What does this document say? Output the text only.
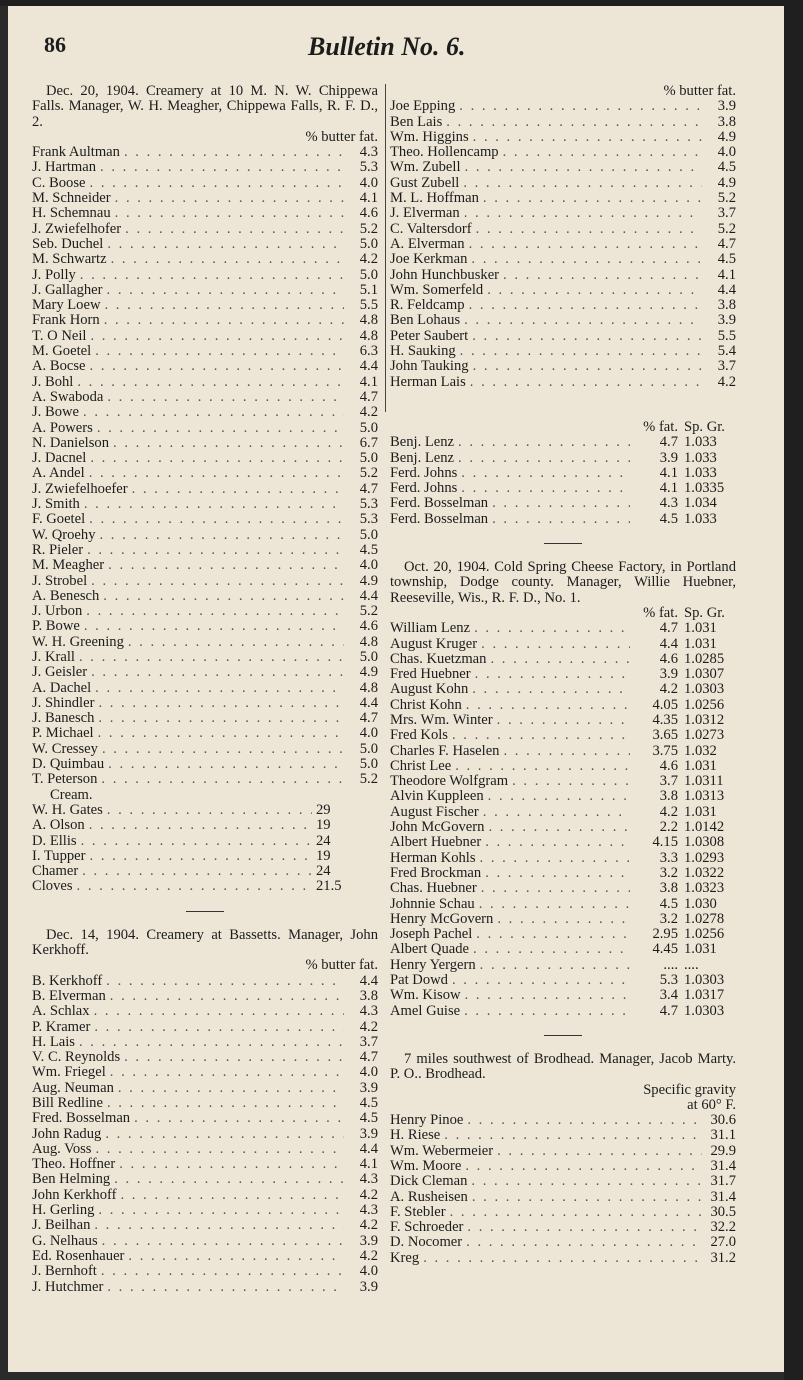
86	Bulletin No. 6.

Dec. 20, 1904. Creamery at 10 M. N. W. Chippewa Falls. Manager, W. H. Meagher, Chippewa Falls, R. F. D., 2.

% butter fat.

Frank Aultman . . .	4.3
J. Hartman . . .	5.3
C. Boose . . .	4.0
M. Schneider . . .	4.1
H. Schemnau . . .	4.6
J. Zwiefelhofer . . .	5.2
Seb. Duchel . . .	5.0
M. Schwartz . . .	4.2
J. Polly . . .	5.0
J. Gallagher . . .	5.1
Mary Loew . . .	5.5
Frank Horn . . .	4.8
T. O Neil . . .	4.8
M. Goetel . . .	6.3
A. Bocse . . .	4.4
J. Bohl . . .	4.1
A. Swaboda . . .	4.7
J. Bowe . . .	4.2
A. Powers . . .	5.0
N. Danielson . . .	6.7
J. Dacnel . . .	5.0
A. Andel . . .	5.2
J. Zwiefelhoefer . . .	4.7
J. Smith . . .	5.3
F. Goetel . . .	5.3
W. Qroehy . . .	5.0
R. Pieler . . .	4.5
M. Meagher . . .	4.0
J. Strobel . . .	4.9
A. Benesch . . .	4.4
J. Urbon . . .	5.2
P. Bowe . . .	4.6
W. H. Greening . . .	4.8
J. Krall . . .	5.0
J. Geisler . . .	4.9
A. Dachel . . .	4.8
J. Shindler . . .	4.4
J. Banesch . . .	4.7
P. Michael . . .	4.0
W. Cressey . . .	5.0
D. Quimbau . . .	5.0
T. Peterson . . .	5.2

Cream.

W. H. Gates . . .	29
A. Olson . . .	19
D. Ellis . . .	24
I. Tupper . . .	19
Chamer . . .	24
Cloves . . .	21.5

Dec. 14, 1904. Creamery at Bassetts. Manager, John Kerkhoff.

% butter fat.

B. Kerkhoff . . .	4.4
B. Elverman . . .	3.8
A. Schlax . . .	4.3
P. Kramer . . .	4.2
H. Lais . . .	3.7
V. C. Reynolds . . .	4.7
Wm. Friegel . . .	4.0
Aug. Neuman . . .	3.9
Bill Redline . . .	4.5
Fred. Bosselman . . .	4.5
John Radug . . .	3.9
Aug. Voss . . .	4.4
Theo. Hoffner . . .	4.1
Ben Helming . . .	4.3
John Kerkhoff . . .	4.2
H. Gerling . . .	4.3
J. Beilhan . . .	4.2
G. Nelhaus . . .	3.9
Ed. Rosenhauer . . .	4.2
J. Bernhoft . . .	4.0
J. Hutchmer . . .	3.9

% butter fat.

Joe Epping . . .	3.9
Ben Lais . . .	3.8
Wm. Higgins . . .	4.9
Theo. Hollencamp . . .	4.0
Wm. Zubell . . .	4.5
Gust Zubell . . .	4.9
M. L. Hoffman . . .	5.2
J. Elverman . . .	3.7
C. Valtersdorf . . .	5.2
A. Elverman . . .	4.7
Joe Kerkman . . .	4.5
John Hunchbusker . . .	4.1
Wm. Somerfeld . . .	4.4
R. Feldcamp . . .	3.8
Ben Lohaus . . .	3.9
Peter Saubert . . .	5.5
H. Sauking . . .	5.4
John Tauking . . .	3.7
Herman Lais . . .	4.2
% fat. Sp. Gr.
Benj. Lenz . . .	4.7 1.033
Benj. Lenz . . .	3.9 1.033
Ferd. Johns . . .	4.1 1.033
Ferd. Johns . . .	4.1 1.0335
Ferd. Bosselman . . .	4.3 1.034
Ferd. Bosselman . . .	4.5 1.033

Oct. 20, 1904. Cold Spring Cheese Factory, in Portland township, Dodge county. Manager, Willie Huebner, Reeseville, Wis., R. F. D., No. 1.

% fat. Sp. Gr.
William Lenz . . .	4.7 1.031
August Kruger . . .	4.4 1.031
Chas. Kuetzman . . .	4.6 1.0285
Fred Huebner . . .	3.9 1.0307
August Kohn . . .	4.2 1.0303
Christ Kohn . . .	4.05 1.0256
Mrs. Wm. Winter . . .	4.35 1.0312
Fred Kols . . .	3.65 1.0273
Charles F. Haselen . . .	3.75 1.032
Christ Lee . . .	4.6 1.031
Theodore Wolfgram . . .	3.7 1.0311
Alvin Kuppleen . . .	3.8 1.0313
August Fischer . . .	4.2 1.031
John McGovern . . .	2.2 1.0142
Albert Huebner . . .	4.15 1.0308
Herman Kohls . . .	3.3 1.0293
Fred Brockman . . .	3.2 1.0322
Chas. Huebner . . .	3.8 1.0323
Johnnie Schau . . .	4.5 1.030
Henry McGovern . . .	3.2 1.0278
Joseph Pachel . . .	2.95 1.0256
Albert Quade . . .	4.45 1.031
Henry Yergern . . .	.... ....
Pat Dowd . . .	5.3 1.0303
Wm. Kisow . . .	3.4 1.0317
Amel Guise . . .	4.7 1.0303

7 miles southwest of Brodhead. Manager, Jacob Marty. P. O.. Brodhead.

Specific gravity

at 60° F.

Henry Pinoe . . .	30.6
H. Riese . . .	31.1
Wm. Webermeier . . .	29.9
Wm. Moore . . .	31.4
Dick Cleman . . .	31.7
A. Rusheisen . . .	31.4
F. Stebler . . .	30.5
F. Schroeder . . .	32.2
D. Nocomer . . .	27.0
Kreg . . .	31.2
